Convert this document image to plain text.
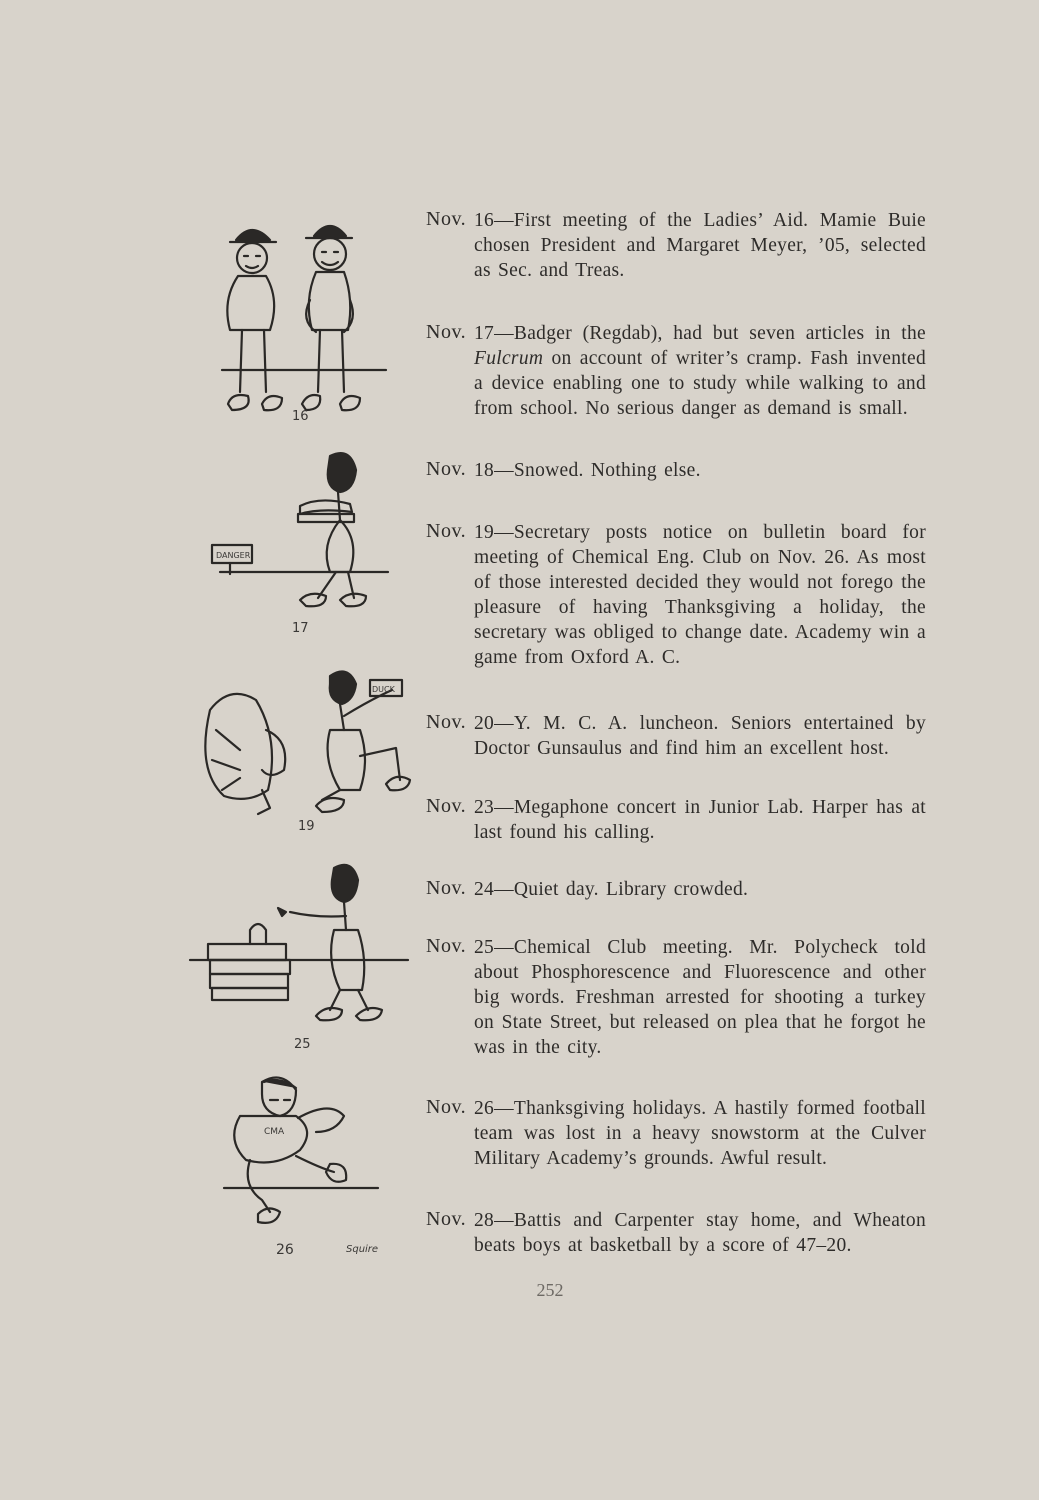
16
DANGER
17
DUCK
19
25
CMA
26	Squire
Nov. 16—First meeting of the Ladies’ Aid. Mamie Buie chosen President and Margaret Meyer, ’05, selected as Sec. and Treas.
Nov. 17—Badger (Regdab), had but seven articles in the Fulcrum on account of writer’s cramp. Fash invented a device enabling one to study while walking to and from school. No serious danger as demand is small.
Nov. 18—Snowed. Nothing else.
Nov. 19—Secretary posts notice on bulletin board for meeting of Chemical Eng. Club on Nov. 26. As most of those interested decided they would not forego the pleasure of having Thanksgiving a holiday, the secretary was obliged to change date. Academy win a game from Oxford A. C.
Nov. 20—Y. M. C. A. luncheon. Seniors entertained by Doctor Gunsaulus and find him an excellent host.
Nov. 23—Megaphone concert in Junior Lab. Harper has at last found his calling.
Nov. 24—Quiet day. Library crowded.
Nov. 25—Chemical Club meeting. Mr. Polycheck told about Phosphorescence and Fluorescence and other big words. Freshman arrested for shooting a turkey on State Street, but released on plea that he forgot he was in the city.
Nov. 26—Thanksgiving holidays. A hastily formed football team was lost in a heavy snowstorm at the Culver Military Academy’s grounds. Awful result.
Nov. 28—Battis and Carpenter stay home, and Wheaton beats boys at basketball by a score of 47–20.
252
